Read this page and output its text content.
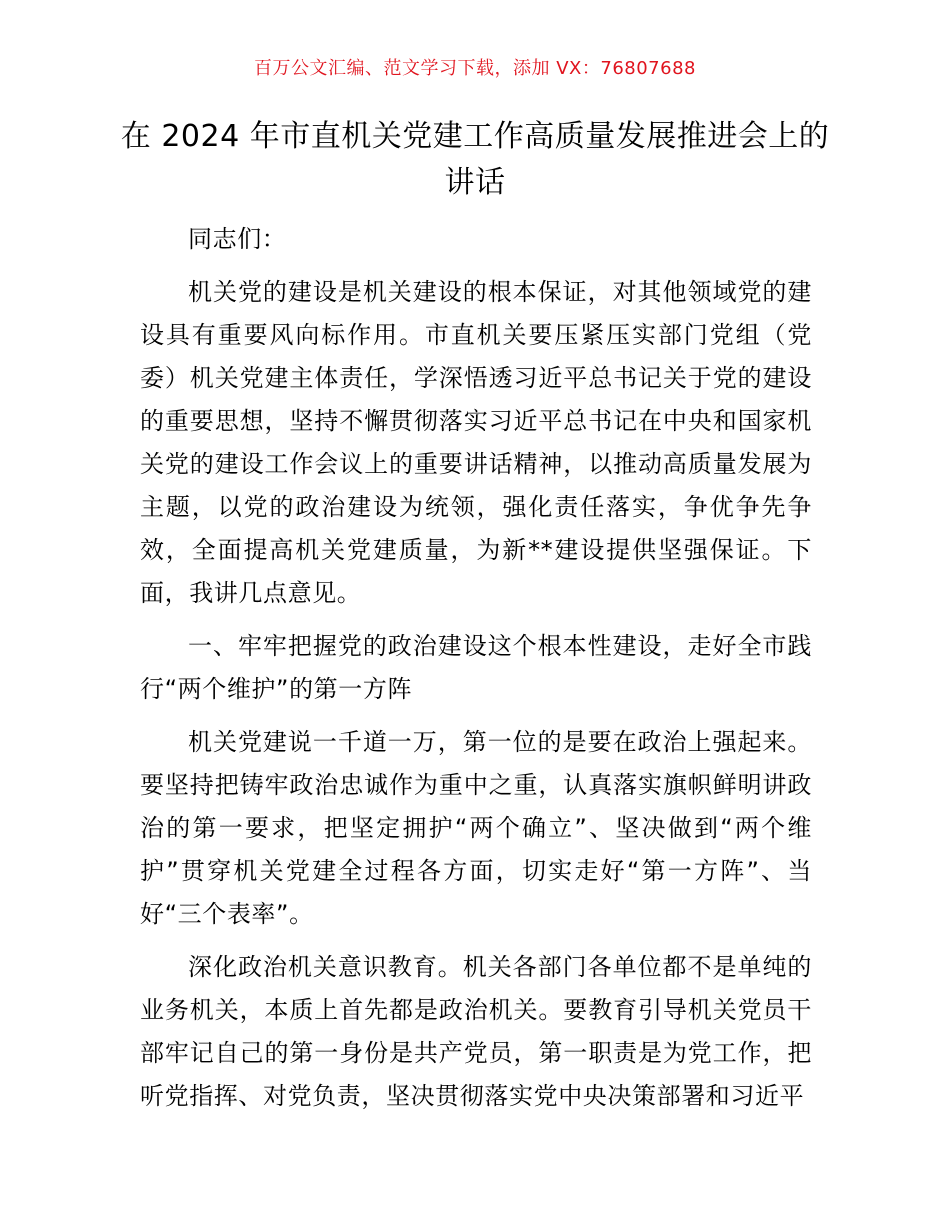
百万公文汇编、范文学习下载，添加 VX：76807688
在 2024 年市直机关党建工作高质量发展推进会上的讲话

同志们：

机关党的建设是机关建设的根本保证，对其他领域党的建设具有重要风向标作用。市直机关要压紧压实部门党组（党委）机关党建主体责任，学深悟透习近平总书记关于党的建设的重要思想，坚持不懈贯彻落实习近平总书记在中央和国家机关党的建设工作会议上的重要讲话精神，以推动高质量发展为主题，以党的政治建设为统领，强化责任落实，争优争先争效，全面提高机关党建质量，为新**建设提供坚强保证。下面，我讲几点意见。

一、牢牢把握党的政治建设这个根本性建设，走好全市践行“两个维护”的第一方阵

机关党建说一千道一万，第一位的是要在政治上强起来。要坚持把铸牢政治忠诚作为重中之重，认真落实旗帜鲜明讲政治的第一要求，把坚定拥护“两个确立”、坚决做到“两个维护”贯穿机关党建全过程各方面，切实走好“第一方阵”、当好“三个表率”。

深化政治机关意识教育。机关各部门各单位都不是单纯的业务机关，本质上首先都是政治机关。要教育引导机关党员干部牢记自己的第一身份是共产党员，第一职责是为党工作，把听党指挥、对党负责，坚决贯彻落实党中央决策部署和习近平
